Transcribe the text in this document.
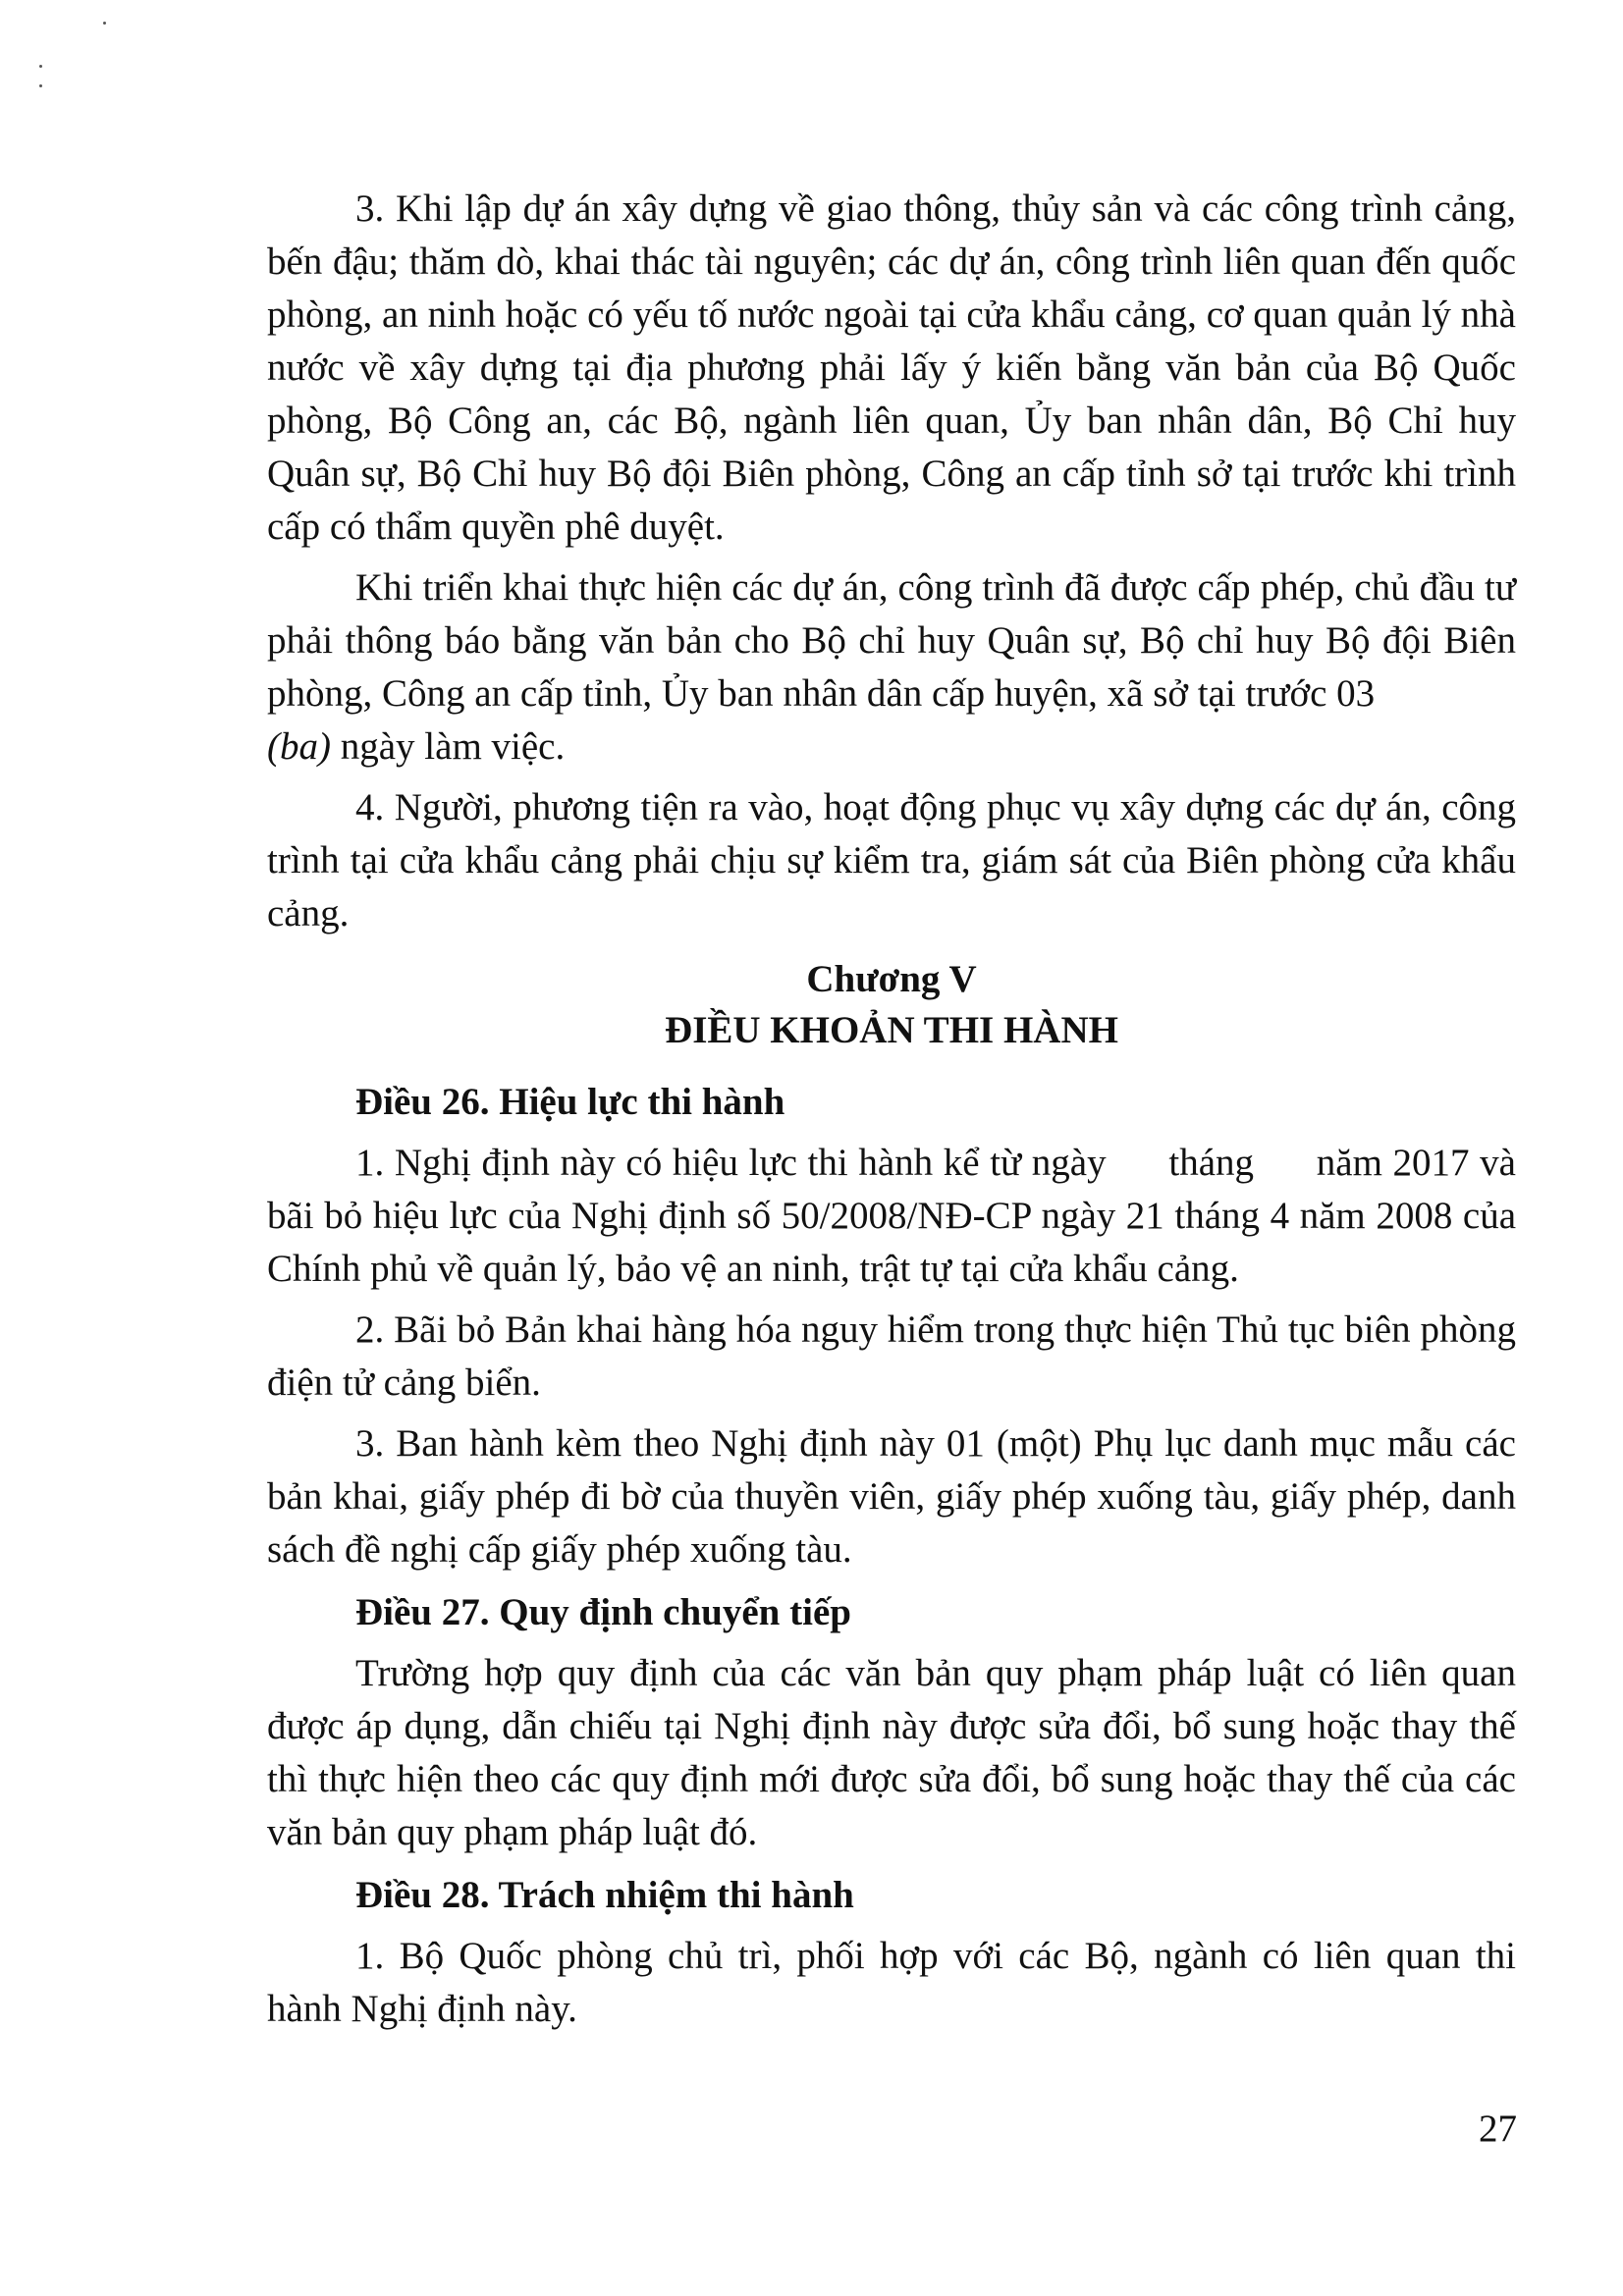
3. Khi lập dự án xây dựng về giao thông, thủy sản và các công trình cảng, bến đậu; thăm dò, khai thác tài nguyên; các dự án, công trình liên quan đến quốc phòng, an ninh hoặc có yếu tố nước ngoài tại cửa khẩu cảng, cơ quan quản lý nhà nước về xây dựng tại địa phương phải lấy ý kiến bằng văn bản của Bộ Quốc phòng, Bộ Công an, các Bộ, ngành liên quan, Ủy ban nhân dân, Bộ Chỉ huy Quân sự, Bộ Chỉ huy Bộ đội Biên phòng, Công an cấp tỉnh sở tại trước khi trình cấp có thẩm quyền phê duyệt.

Khi triển khai thực hiện các dự án, công trình đã được cấp phép, chủ đầu tư phải thông báo bằng văn bản cho Bộ chỉ huy Quân sự, Bộ chỉ huy Bộ đội Biên phòng, Công an cấp tỉnh, Ủy ban nhân dân cấp huyện, xã sở tại trước 03
(ba) ngày làm việc.

4. Người, phương tiện ra vào, hoạt động phục vụ xây dựng các dự án, công trình tại cửa khẩu cảng phải chịu sự kiểm tra, giám sát của Biên phòng cửa khẩu cảng.

Chương V
ĐIỀU KHOẢN THI HÀNH
Điều 26. Hiệu lực thi hành

1. Nghị định này có hiệu lực thi hành kể từ ngày      tháng      năm 2017 và bãi bỏ hiệu lực của Nghị định số 50/2008/NĐ-CP ngày 21 tháng 4 năm 2008 của Chính phủ về quản lý, bảo vệ an ninh, trật tự tại cửa khẩu cảng.

2. Bãi bỏ Bản khai hàng hóa nguy hiểm trong thực hiện Thủ tục biên phòng điện tử cảng biển.

3. Ban hành kèm theo Nghị định này 01 (một) Phụ lục danh mục mẫu các bản khai, giấy phép đi bờ của thuyền viên, giấy phép xuống tàu, giấy phép, danh sách đề nghị cấp giấy phép xuống tàu.

Điều 27. Quy định chuyển tiếp

Trường hợp quy định của các văn bản quy phạm pháp luật có liên quan được áp dụng, dẫn chiếu tại Nghị định này được sửa đổi, bổ sung hoặc thay thế thì thực hiện theo các quy định mới được sửa đổi, bổ sung hoặc thay thế của các văn bản quy phạm pháp luật đó.

Điều 28. Trách nhiệm thi hành

1. Bộ Quốc phòng chủ trì, phối hợp với các Bộ, ngành có liên quan thi hành Nghị định này.

27
